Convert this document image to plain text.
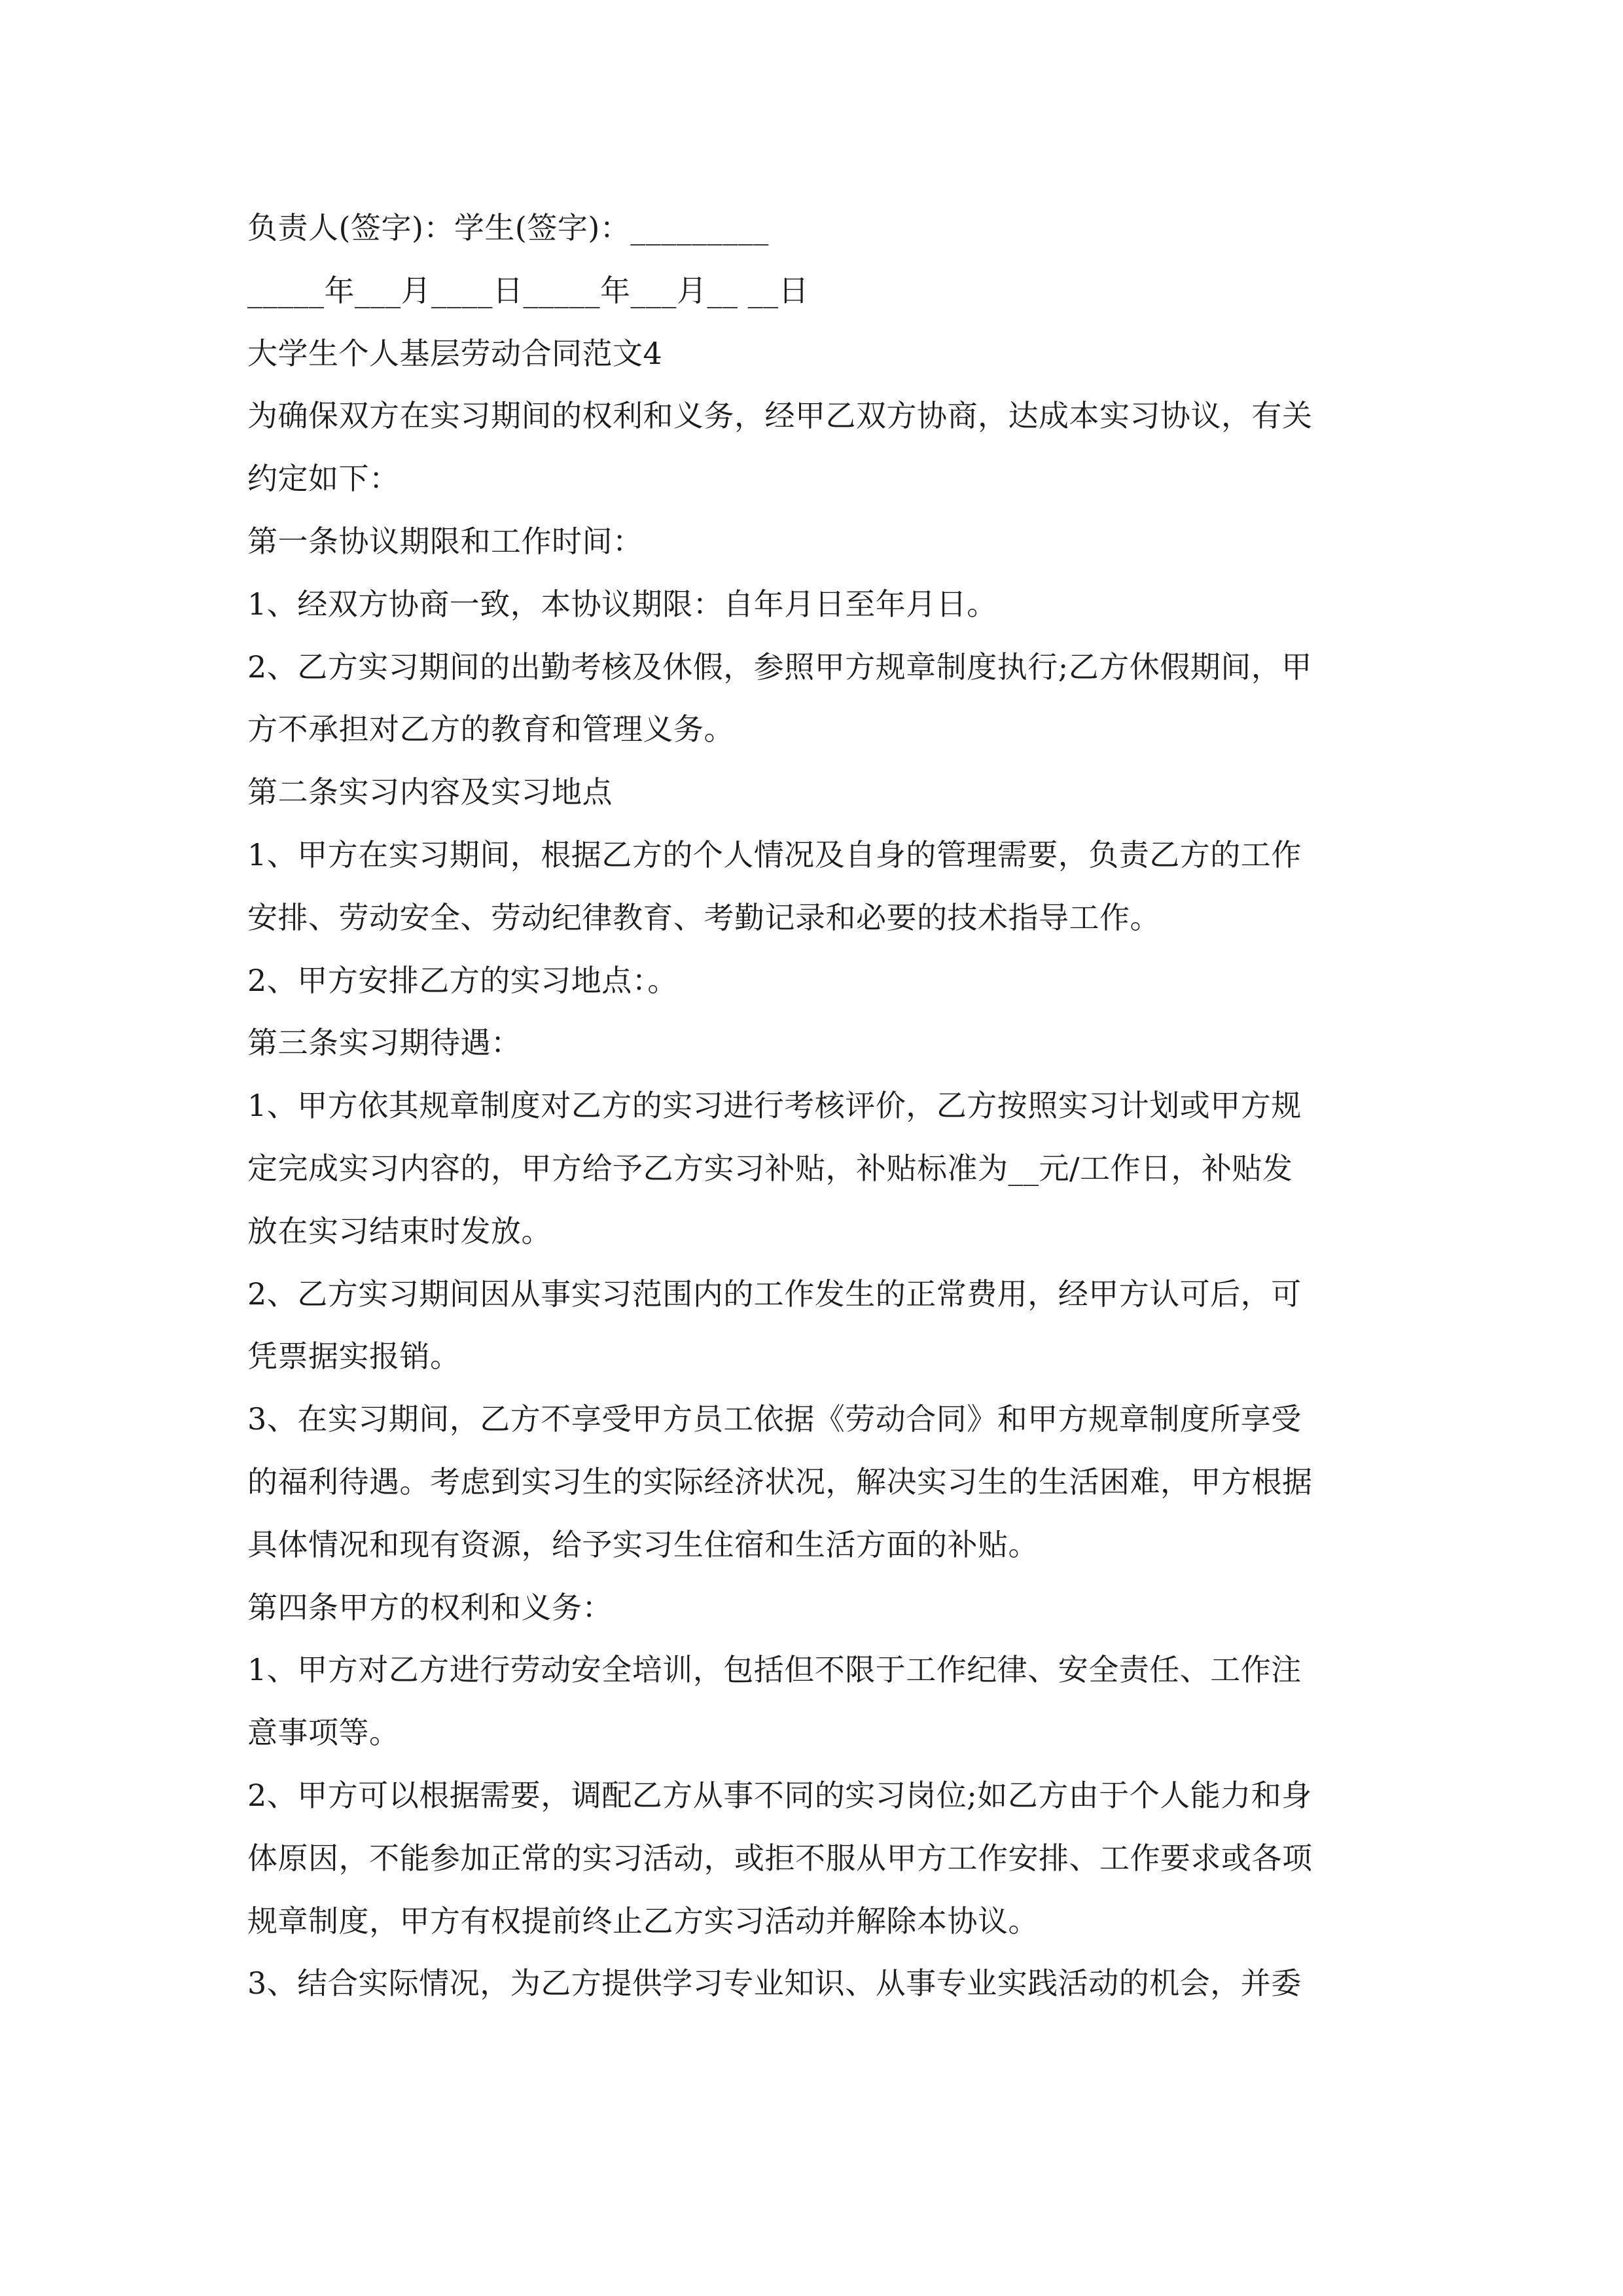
负责人(签字)：学生(签字)：_________
_____年___月____日_____年___月__ __日
大学生个人基层劳动合同范文4
为确保双方在实习期间的权利和义务，经甲乙双方协商，达成本实习协议，有关
约定如下：
第一条协议期限和工作时间：
1、经双方协商一致，本协议期限：自年月日至年月日。
2、乙方实习期间的出勤考核及休假，参照甲方规章制度执行;乙方休假期间，甲
方不承担对乙方的教育和管理义务。
第二条实习内容及实习地点
1、甲方在实习期间，根据乙方的个人情况及自身的管理需要，负责乙方的工作
安排、劳动安全、劳动纪律教育、考勤记录和必要的技术指导工作。
2、甲方安排乙方的实习地点：。
第三条实习期待遇：
1、甲方依其规章制度对乙方的实习进行考核评价，乙方按照实习计划或甲方规
定完成实习内容的，甲方给予乙方实习补贴，补贴标准为__元/工作日，补贴发
放在实习结束时发放。
2、乙方实习期间因从事实习范围内的工作发生的正常费用，经甲方认可后，可
凭票据实报销。
3、在实习期间，乙方不享受甲方员工依据《劳动合同》和甲方规章制度所享受
的福利待遇。考虑到实习生的实际经济状况，解决实习生的生活困难，甲方根据
具体情况和现有资源，给予实习生住宿和生活方面的补贴。
第四条甲方的权利和义务：
1、甲方对乙方进行劳动安全培训，包括但不限于工作纪律、安全责任、工作注
意事项等。
2、甲方可以根据需要，调配乙方从事不同的实习岗位;如乙方由于个人能力和身
体原因，不能参加正常的实习活动，或拒不服从甲方工作安排、工作要求或各项
规章制度，甲方有权提前终止乙方实习活动并解除本协议。
3、结合实际情况，为乙方提供学习专业知识、从事专业实践活动的机会，并委
